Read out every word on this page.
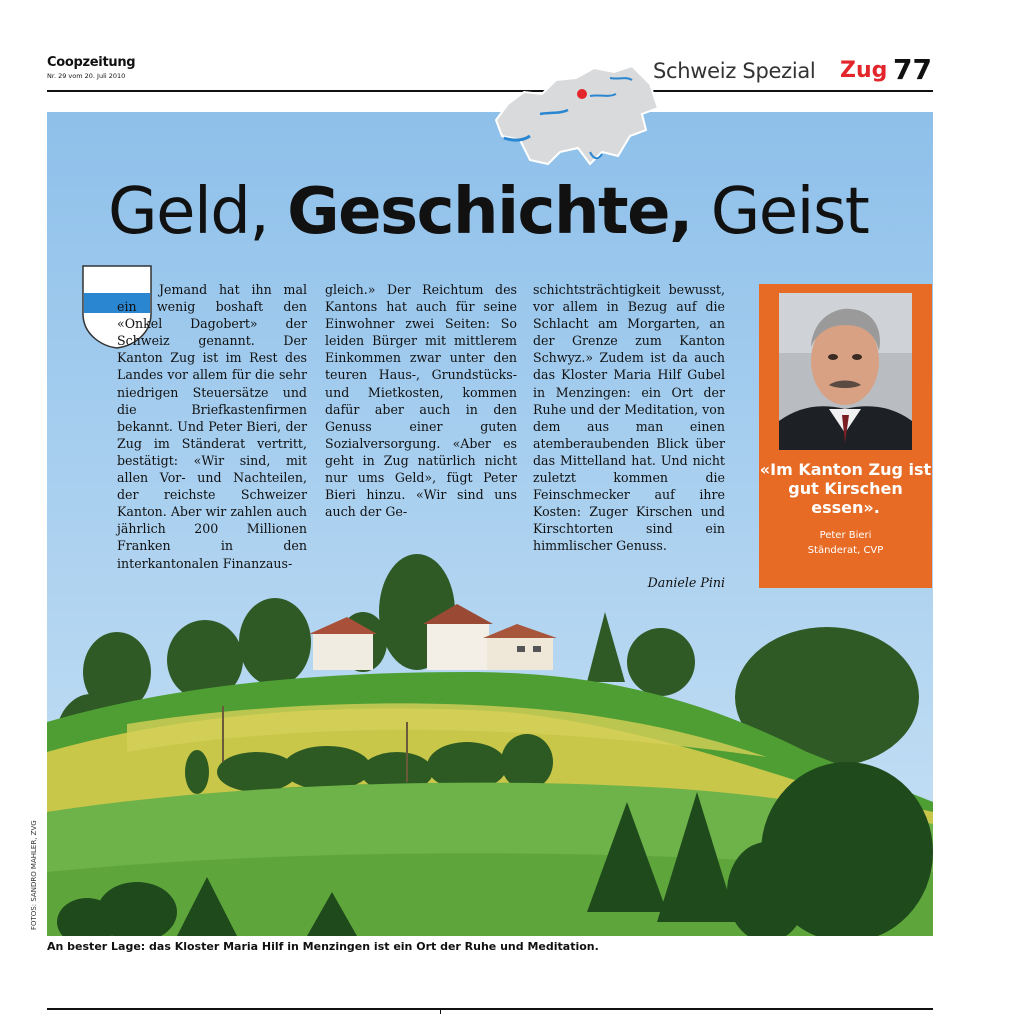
Coopzeitung
Nr. 29 vom 20. Juli 2010	Schweiz Spezial Zug 77
Geld, Geschichte, Geist
Jemand hat ihn mal ein wenig boshaft den «Onkel Dagobert» der Schweiz genannt. Der Kanton Zug ist im Rest des Landes vor allem für die sehr niedrigen Steuersätze und die Briefkastenfirmen bekannt. Und Peter Bieri, der Zug im Ständerat vertritt, bestätigt: «Wir sind, mit allen Vor- und Nachteilen, der reichste Schweizer Kanton. Aber wir zahlen auch jährlich 200 Millionen Franken in den interkantonalen Finanzaus-
gleich.» Der Reichtum des Kantons hat auch für seine Einwohner zwei Seiten: So leiden Bürger mit mittlerem Einkommen zwar unter den teuren Haus-, Grundstücks- und Mietkosten, kommen dafür aber auch in den Genuss einer guten Sozialversorgung. «Aber es geht in Zug natürlich nicht nur ums Geld», fügt Peter Bieri hinzu. «Wir sind uns auch der Ge-
schichtsträchtigkeit bewusst, vor allem in Bezug auf die Schlacht am Morgarten, an der Grenze zum Kanton Schwyz.» Zudem ist da auch das Kloster Maria Hilf Gubel in Menzingen: ein Ort der Ruhe und der Meditation, von dem aus man einen atemberaubenden Blick über das Mittelland hat. Und nicht zuletzt kommen die Feinschmecker auf ihre Kosten: Zuger Kirschen und Kirschtorten sind ein himmlischer Genuss.
Daniele Pini
«Im Kanton Zug ist gut Kirschen essen».
Peter Bieri
Ständerat, CVP
FOTOS: SANDRO MAHLER, ZVG
An bester Lage: das Kloster Maria Hilf in Menzingen ist ein Ort der Ruhe und Meditation.
